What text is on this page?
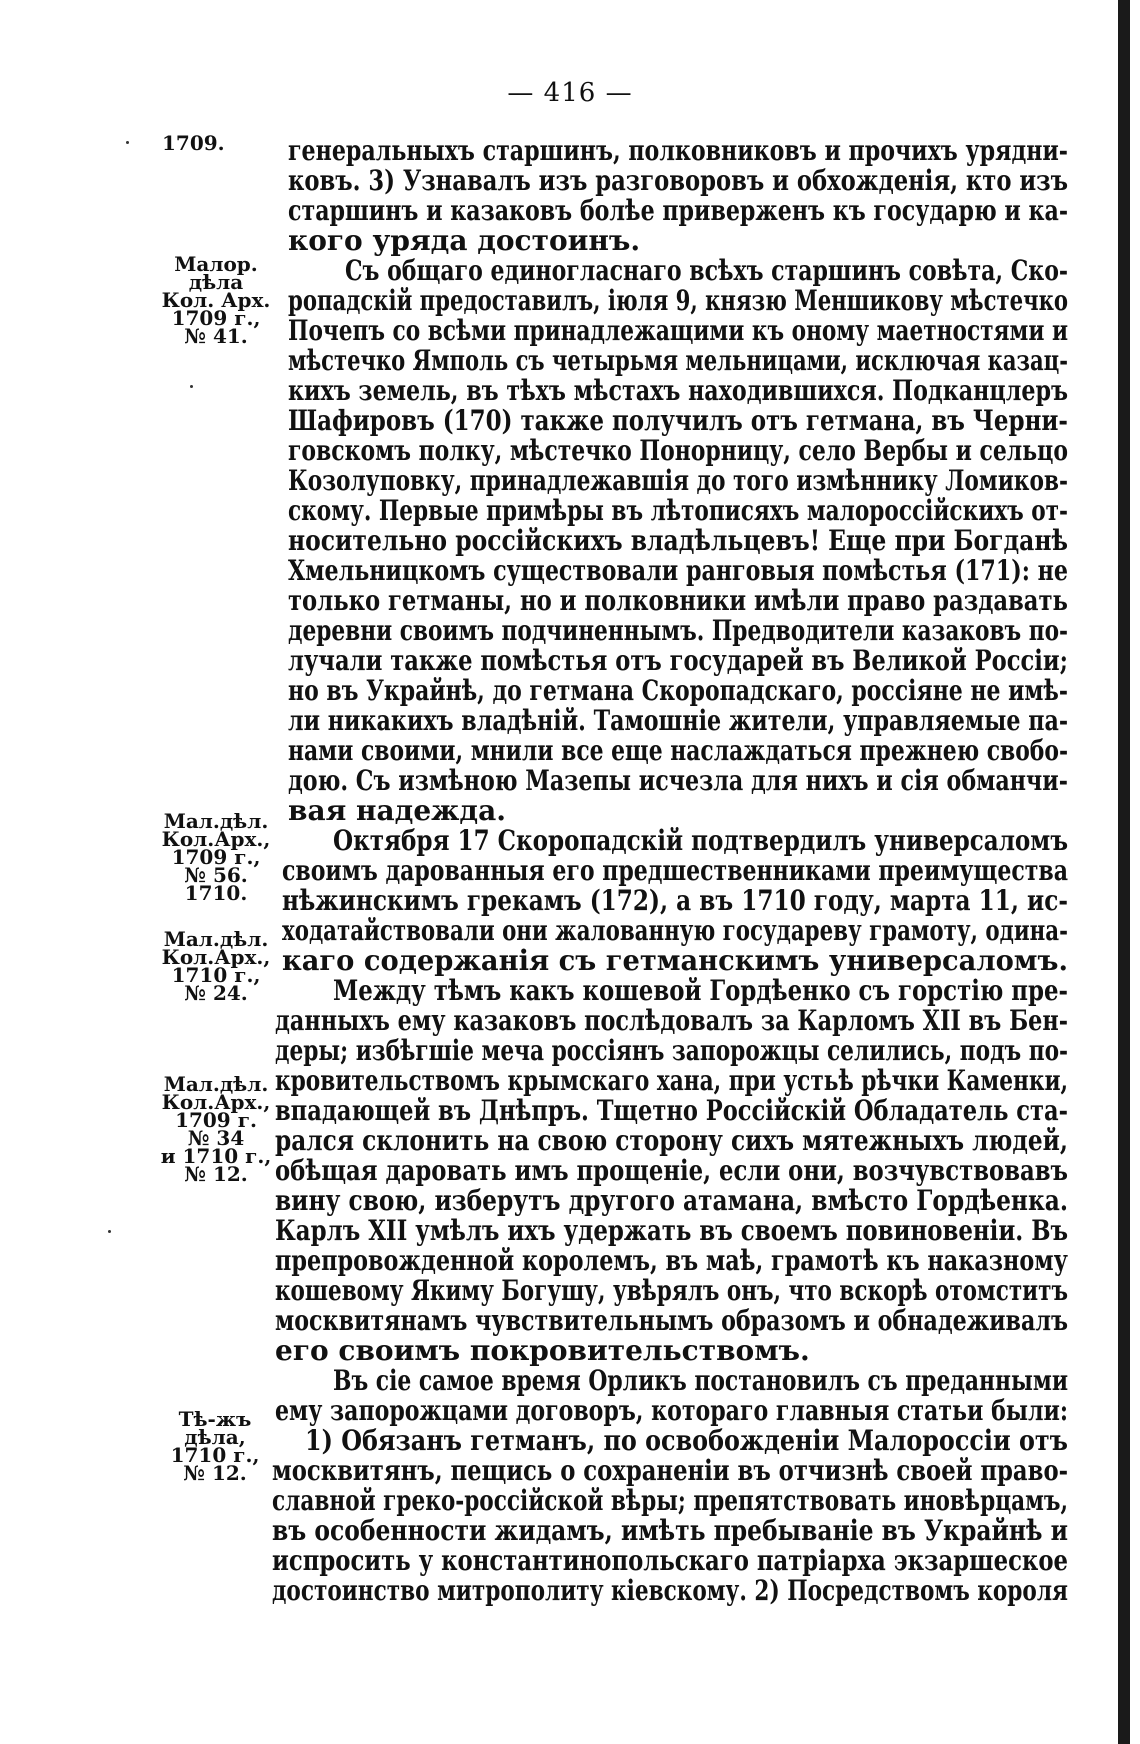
— 416 —
1709.
Малор.
дѣла
Кол. Арх.
1709 г.,
№ 41.
Мал.дѣл.
Кол.Арх.,
1709 г.,
№ 56.
1710.
Мал.дѣл.
Кол.Арх.,
1710 г.,
№ 24.
Мал.дѣл.
Кол.Арх.,
1709 г.
№ 34
и 1710 г.,
№ 12.
Тѣ-жъ
дѣла,
1710 г.,
№ 12.
генеральныхъ старшинъ, полковниковъ и прочихъ урядни-
ковъ. 3) Узнавалъ изъ разговоровъ и обхожденія, кто изъ
старшинъ и казаковъ болѣе приверженъ къ государю и ка-
кого уряда достоинъ.
Съ общаго единогласнаго всѣхъ старшинъ совѣта, Ско-
ропадскій предоставилъ, іюля 9, князю Меншикову мѣстечко
Почепъ со всѣми принадлежащими къ оному маетностями и
мѣстечко Ямполь съ четырьмя мельницами, исключая казац-
кихъ земель, въ тѣхъ мѣстахъ находившихся. Подканцлеръ
Шафировъ (170) также получилъ отъ гетмана, въ Черни-
говскомъ полку, мѣстечко Понорницу, село Вербы и сельцо
Козолуповку, принадлежавшія до того измѣннику Ломиков-
скому. Первые примѣры въ лѣтописяхъ малороссійскихъ от-
носительно россійскихъ владѣльцевъ! Еще при Богданѣ
Хмельницкомъ существовали ранговыя помѣстья (171): не
только гетманы, но и полковники имѣли право раздавать
деревни своимъ подчиненнымъ. Предводители казаковъ по-
лучали также помѣстья отъ государей въ Великой Россіи;
но въ Украйнѣ, до гетмана Скоропадскаго, россіяне не имѣ-
ли никакихъ владѣній. Тамошніе жители, управляемые па-
нами своими, мнили все еще наслаждаться прежнею свобо-
дою. Съ измѣною Мазепы исчезла для нихъ и сія обманчи-
вая надежда.
Октября 17 Скоропадскій подтвердилъ универсаломъ
своимъ дарованныя его предшественниками преимущества
нѣжинскимъ грекамъ (172), а въ 1710 году, марта 11, ис-
ходатайствовали они жалованную государеву грамоту, одина-
каго содержанія съ гетманскимъ универсаломъ.
Между тѣмъ какъ кошевой Гордѣенко съ горстію пре-
данныхъ ему казаковъ послѣдовалъ за Карломъ XII въ Бен-
деры; избѣгшіе меча россіянъ запорожцы селились, подъ по-
кровительствомъ крымскаго хана, при устьѣ рѣчки Каменки,
впадающей въ Днѣпръ. Тщетно Россійскій Обладатель ста-
рался склонить на свою сторону сихъ мятежныхъ людей,
обѣщая даровать имъ прощеніе, если они, возчувствовавъ
вину свою, изберутъ другого атамана, вмѣсто Гордѣенка.
Карлъ XII умѣлъ ихъ удержать въ своемъ повиновеніи. Въ
препровожденной королемъ, въ маѣ, грамотѣ къ наказному
кошевому Якиму Богушу, увѣрялъ онъ, что вскорѣ отомститъ
москвитянамъ чувствительнымъ образомъ и обнадеживалъ
его своимъ покровительствомъ.
Въ сіе самое время Орликъ постановилъ съ преданными
ему запорожцами договоръ, котораго главныя статьи были:
1) Обязанъ гетманъ, по освобожденіи Малороссіи отъ
москвитянъ, пещись о сохраненіи въ отчизнѣ своей право-
славной греко-россійской вѣры; препятствовать иновѣрцамъ,
въ особенности жидамъ, имѣть пребываніе въ Украйнѣ и
испросить у константинопольскаго патріарха экзаршеское
достоинство митрополиту кіевскому. 2) Посредствомъ короля
